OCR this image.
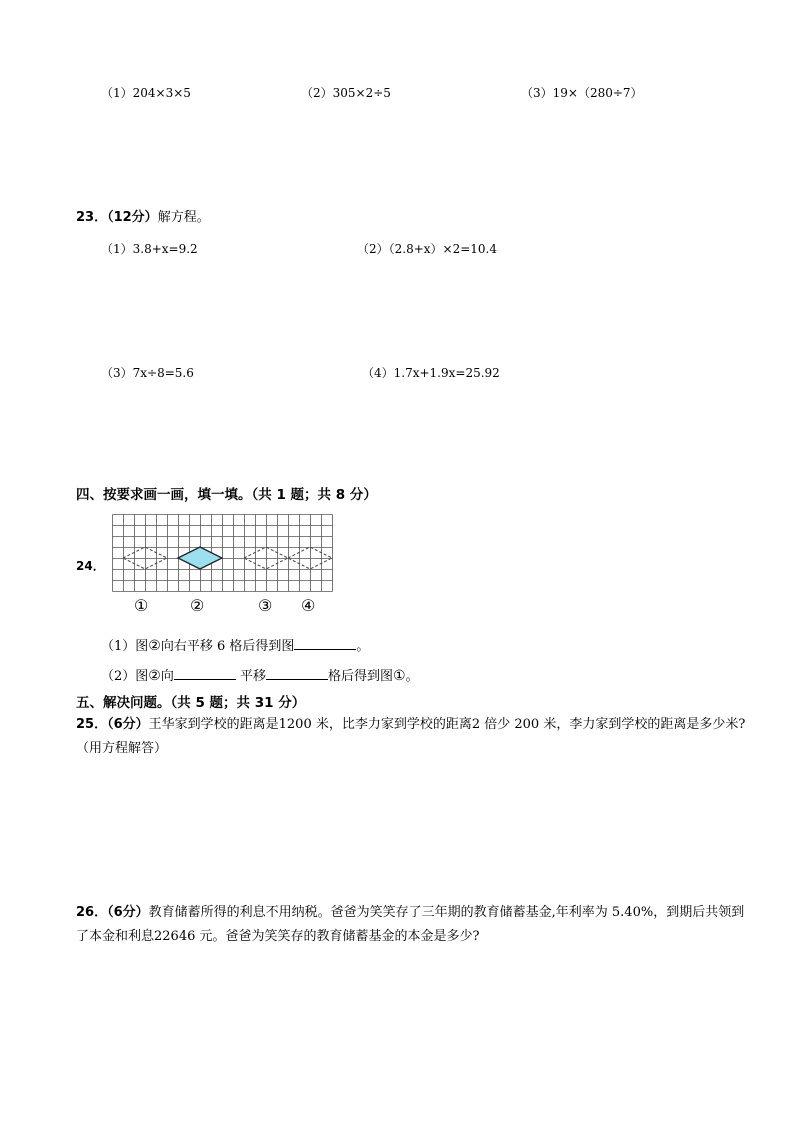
（1）204×3×5	（2）305×2÷5	（3）19×（280÷7）
23．（12分）解方程。
（1）3.8+x=9.2	（2）（2.8+x）×2=10.4
（3）7x÷8=5.6	（4）1.7x+1.9x=25.92
四、按要求画一画，填一填。（共 1 题；共 8 分）
24．
①	②	③ ④
（1）图②向右平移 6 格后得到图	。
（2）图②向	平移	格后得到图①。
五、解决问题。（共 5 题；共 31 分）
25．（6分）王华家到学校的距离是1200 米，比李力家到学校的距离2 倍少 200 米，李力家到学校的距离是多少米?（用方程解答）
26．（6分）教育储蓄所得的利息不用纳税。爸爸为笑笑存了三年期的教育储蓄基金,年利率为 5.40%，到期后共领到了本金和利息22646 元。爸爸为笑笑存的教育储蓄基金的本金是多少?
